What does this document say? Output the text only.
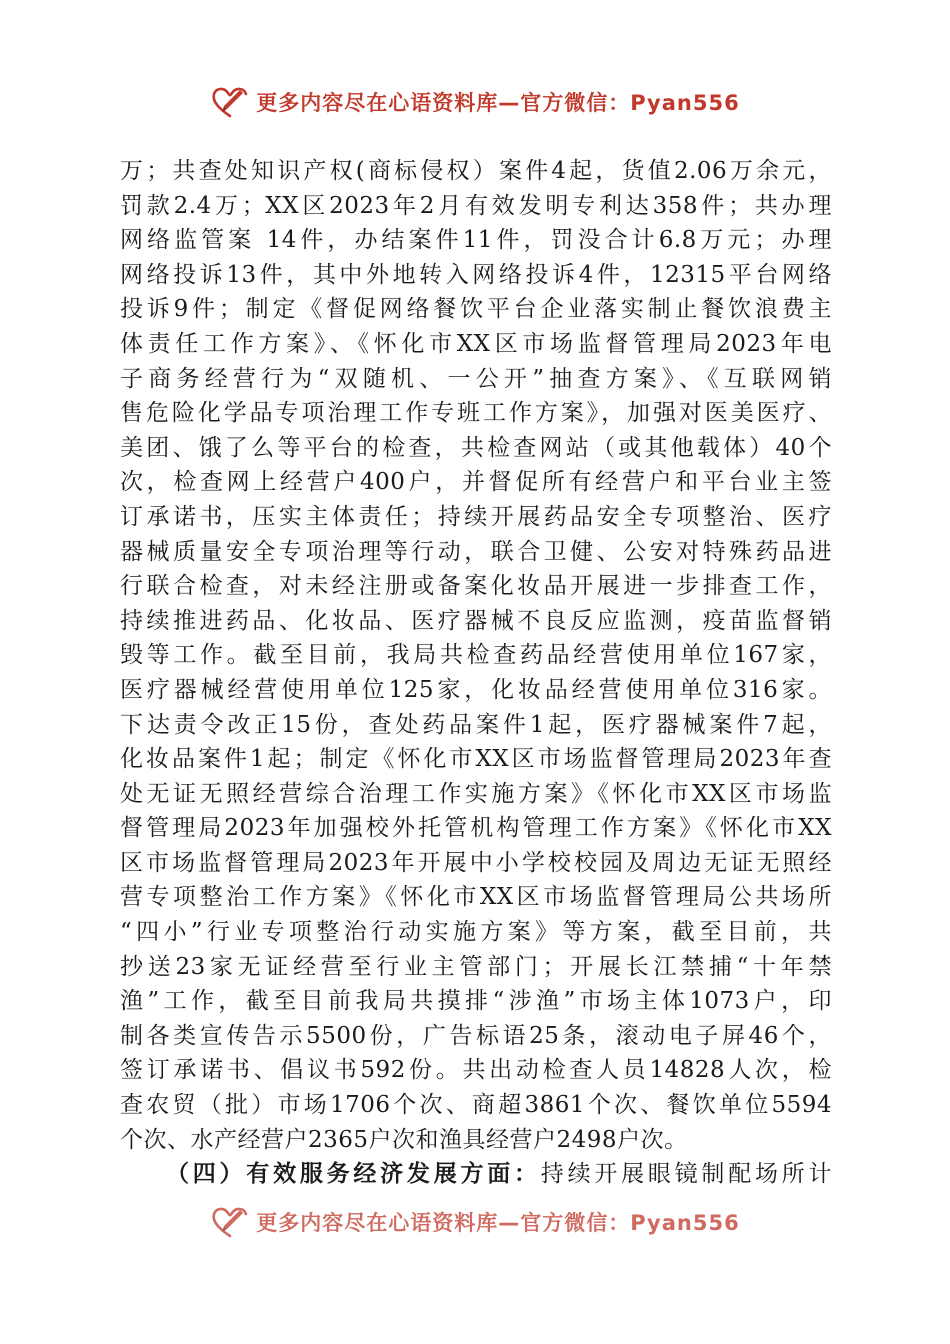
更多内容尽在心语资料库—官方微信：Pyan556
万；共查处知识产权(商标侵权）案件4起，货值2.06万余元，
罚款2.4万；XX区2023年2月有效发明专利达358件；共办理
网络监管案 14件，办结案件11件，罚没合计6.8万元；办理
网络投诉13件，其中外地转入网络投诉4件，12315平台网络
投诉9件；制定《督促网络餐饮平台企业落实制止餐饮浪费主
体责任工作方案》、《怀化市XX区市场监督管理局2023年电
子商务经营行为“双随机、一公开”抽查方案》、《互联网销
售危险化学品专项治理工作专班工作方案》，加强对医美医疗、
美团、饿了么等平台的检查，共检查网站（或其他载体）40个
次，检查网上经营户400户，并督促所有经营户和平台业主签
订承诺书，压实主体责任；持续开展药品安全专项整治、医疗
器械质量安全专项治理等行动，联合卫健、公安对特殊药品进
行联合检查，对未经注册或备案化妆品开展进一步排查工作，
持续推进药品、化妆品、医疗器械不良反应监测，疫苗监督销
毁等工作。截至目前，我局共检查药品经营使用单位167家，
医疗器械经营使用单位125家，化妆品经营使用单位316家。
下达责令改正15份，查处药品案件1起，医疗器械案件7起，
化妆品案件1起；制定《怀化市XX区市场监督管理局2023年查
处无证无照经营综合治理工作实施方案》《怀化市XX区市场监
督管理局2023年加强校外托管机构管理工作方案》《怀化市XX
区市场监督管理局2023年开展中小学校校园及周边无证无照经
营专项整治工作方案》《怀化市XX区市场监督管理局公共场所
“四小”行业专项整治行动实施方案》等方案，截至目前，共
抄送23家无证经营至行业主管部门；开展长江禁捕“十年禁
渔”工作，截至目前我局共摸排“涉渔”市场主体1073户，印
制各类宣传告示5500份，广告标语25条，滚动电子屏46个，
签订承诺书、倡议书592份。共出动检查人员14828人次，检
查农贸（批）市场1706个次、商超3861个次、餐饮单位5594
个次、水产经营户2365户次和渔具经营户2498户次。
（四）有效服务经济发展方面：持续开展眼镜制配场所计
更多内容尽在心语资料库—官方微信：Pyan556
